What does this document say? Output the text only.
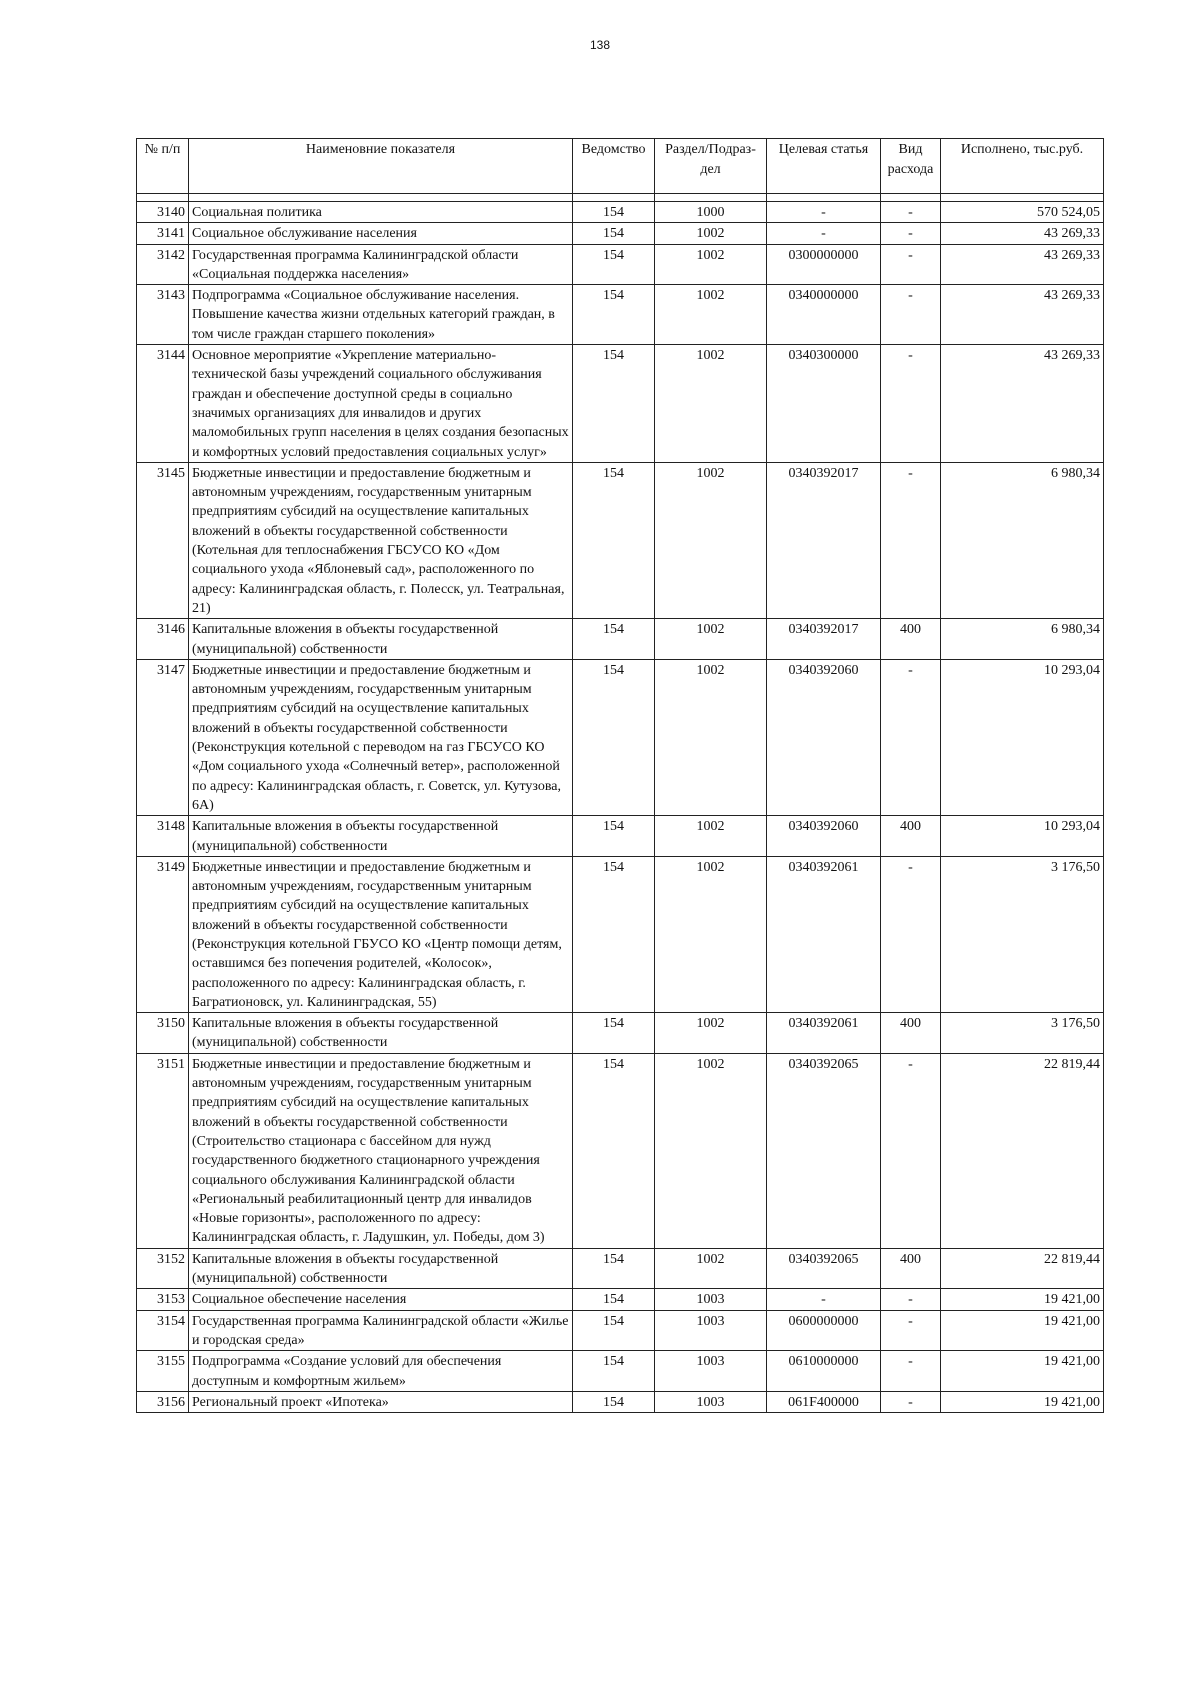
138
№ п/п	Наименовние показателя	Ведомство	Раздел/Подраз-дел	Целевая статья	Вид расхода	Исполнено, тыс.руб.

3140	Социальная политика	154	1000	-	-	570 524,05
3141	Социальное обслуживание населения	154	1002	-	-	43 269,33
3142	Государственная программа Калининградской области «Социальная поддержка населения»	154	1002	0300000000	-	43 269,33
3143	Подпрограмма «Социальное обслуживание населения. Повышение качества жизни отдельных категорий граждан, в том числе граждан старшего поколения»	154	1002	0340000000	-	43 269,33
3144	Основное мероприятие «Укрепление материально-технической базы учреждений социального обслуживания граждан и обеспечение доступной среды в социально значимых организациях для инвалидов и других маломобильных групп населения в целях создания безопасных и комфортных условий предоставления социальных услуг»	154	1002	0340300000	-	43 269,33
3145	Бюджетные инвестиции и предоставление бюджетным и автономным учреждениям, государственным унитарным предприятиям субсидий на осуществление капитальных вложений в объекты государственной собственности (Котельная для теплоснабжения ГБСУСО КО «Дом социального ухода «Яблоневый сад», расположенного по адресу: Калининградская область, г. Полесск, ул. Театральная, 21)	154	1002	0340392017	-	6 980,34
3146	Капитальные вложения в объекты государственной (муниципальной) собственности	154	1002	0340392017	400	6 980,34
3147	Бюджетные инвестиции и предоставление бюджетным и автономным учреждениям, государственным унитарным предприятиям субсидий на осуществление капитальных вложений в объекты государственной собственности (Реконструкция котельной с переводом на газ ГБСУСО КО «Дом социального ухода «Солнечный ветер», расположенной по адресу: Калининградская область, г. Советск, ул. Кутузова, 6А)	154	1002	0340392060	-	10 293,04
3148	Капитальные вложения в объекты государственной (муниципальной) собственности	154	1002	0340392060	400	10 293,04
3149	Бюджетные инвестиции и предоставление бюджетным и автономным учреждениям, государственным унитарным предприятиям субсидий на осуществление капитальных вложений в объекты государственной собственности (Реконструкция котельной ГБУСО КО «Центр помощи детям, оставшимся без попечения родителей, «Колосок», расположенного по адресу: Калининградская область, г. Багратионовск, ул. Калининградская, 55)	154	1002	0340392061	-	3 176,50
3150	Капитальные вложения в объекты государственной (муниципальной) собственности	154	1002	0340392061	400	3 176,50
3151	Бюджетные инвестиции и предоставление бюджетным и автономным учреждениям, государственным унитарным предприятиям субсидий на осуществление капитальных вложений в объекты государственной собственности (Строительство стационара с бассейном для нужд государственного бюджетного стационарного учреждения социального обслуживания Калининградской области «Региональный реабилитационный центр для инвалидов «Новые горизонты», расположенного по адресу: Калининградская область, г. Ладушкин, ул. Победы, дом 3)	154	1002	0340392065	-	22 819,44
3152	Капитальные вложения в объекты государственной (муниципальной) собственности	154	1002	0340392065	400	22 819,44
3153	Социальное обеспечение населения	154	1003	-	-	19 421,00
3154	Государственная программа Калининградской области «Жилье и городская среда»	154	1003	0600000000	-	19 421,00
3155	Подпрограмма «Создание условий для обеспечения доступным и комфортным жильем»	154	1003	0610000000	-	19 421,00
3156	Региональный проект «Ипотека»	154	1003	061F400000	-	19 421,00
